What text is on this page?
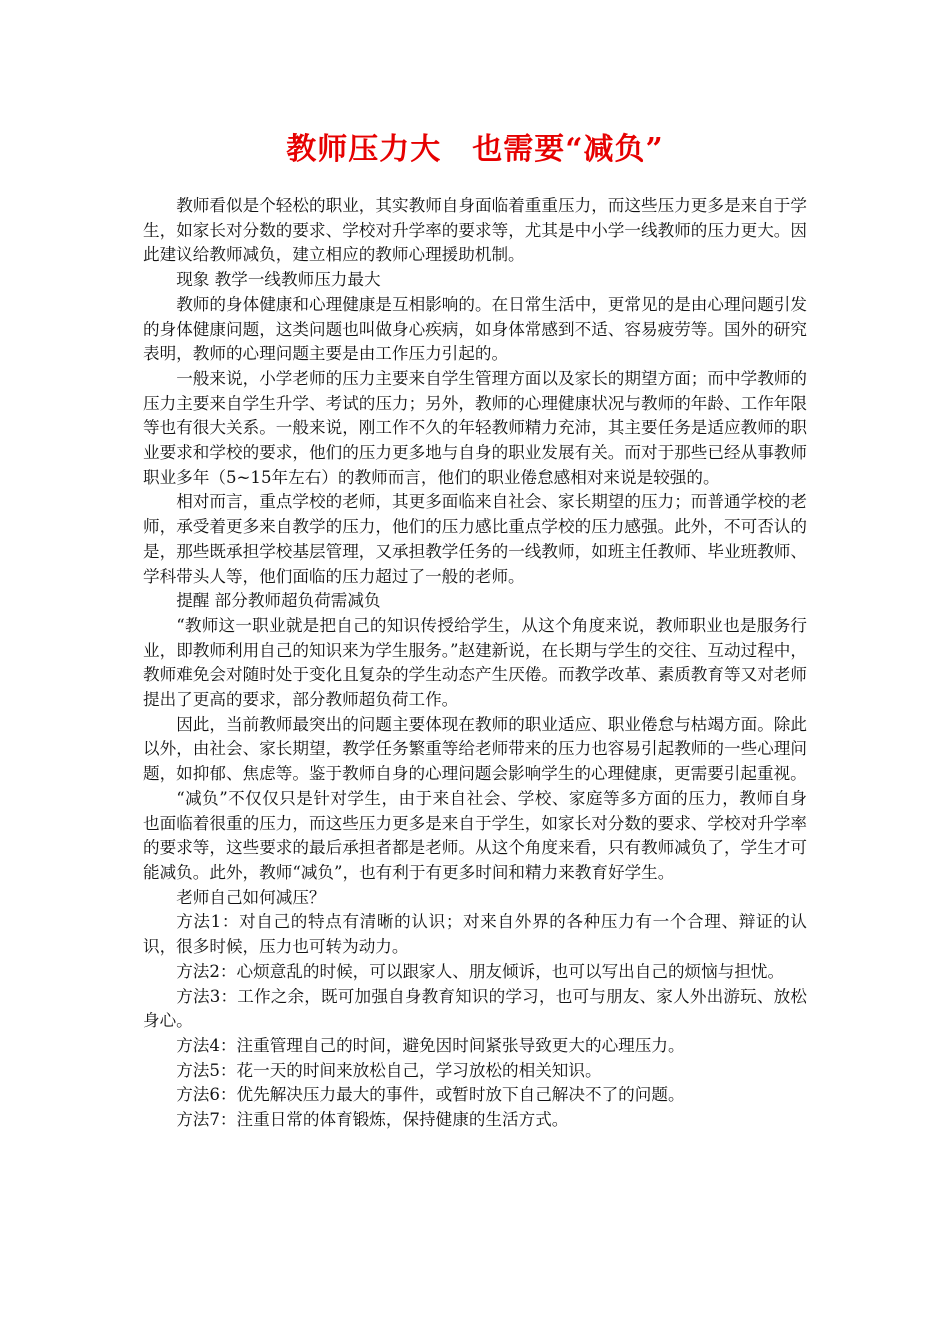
教师压力大　也需要“减负”

教师看似是个轻松的职业，其实教师自身面临着重重压力，而这些压力更多是来自于学生，如家长对分数的要求、学校对升学率的要求等，尤其是中小学一线教师的压力更大。因此建议给教师减负，建立相应的教师心理援助机制。

现象 教学一线教师压力最大

教师的身体健康和心理健康是互相影响的。在日常生活中，更常见的是由心理问题引发的身体健康问题，这类问题也叫做身心疾病，如身体常感到不适、容易疲劳等。国外的研究表明，教师的心理问题主要是由工作压力引起的。

一般来说，小学老师的压力主要来自学生管理方面以及家长的期望方面；而中学教师的压力主要来自学生升学、考试的压力；另外，教师的心理健康状况与教师的年龄、工作年限等也有很大关系。一般来说，刚工作不久的年轻教师精力充沛，其主要任务是适应教师的职业要求和学校的要求，他们的压力更多地与自身的职业发展有关。而对于那些已经从事教师职业多年（5~15年左右）的教师而言，他们的职业倦怠感相对来说是较强的。

相对而言，重点学校的老师，其更多面临来自社会、家长期望的压力；而普通学校的老师，承受着更多来自教学的压力，他们的压力感比重点学校的压力感强。此外，不可否认的是，那些既承担学校基层管理，又承担教学任务的一线教师，如班主任教师、毕业班教师、学科带头人等，他们面临的压力超过了一般的老师。

提醒 部分教师超负荷需减负

“教师这一职业就是把自己的知识传授给学生，从这个角度来说，教师职业也是服务行业，即教师利用自己的知识来为学生服务。”赵建新说，在长期与学生的交往、互动过程中，教师难免会对随时处于变化且复杂的学生动态产生厌倦。而教学改革、素质教育等又对老师提出了更高的要求，部分教师超负荷工作。

因此，当前教师最突出的问题主要体现在教师的职业适应、职业倦怠与枯竭方面。除此以外，由社会、家长期望，教学任务繁重等给老师带来的压力也容易引起教师的一些心理问题，如抑郁、焦虑等。鉴于教师自身的心理问题会影响学生的心理健康，更需要引起重视。

“减负”不仅仅只是针对学生，由于来自社会、学校、家庭等多方面的压力，教师自身也面临着很重的压力，而这些压力更多是来自于学生，如家长对分数的要求、学校对升学率的要求等，这些要求的最后承担者都是老师。从这个角度来看，只有教师减负了，学生才可能减负。此外，教师“减负”，也有利于有更多时间和精力来教育好学生。

老师自己如何减压？

方法1：对自己的特点有清晰的认识；对来自外界的各种压力有一个合理、辩证的认识，很多时候，压力也可转为动力。

方法2：心烦意乱的时候，可以跟家人、朋友倾诉，也可以写出自己的烦恼与担忧。

方法3：工作之余，既可加强自身教育知识的学习，也可与朋友、家人外出游玩、放松身心。

方法4：注重管理自己的时间，避免因时间紧张导致更大的心理压力。

方法5：花一天的时间来放松自己，学习放松的相关知识。

方法6：优先解决压力最大的事件，或暂时放下自己解决不了的问题。

方法7：注重日常的体育锻炼，保持健康的生活方式。
